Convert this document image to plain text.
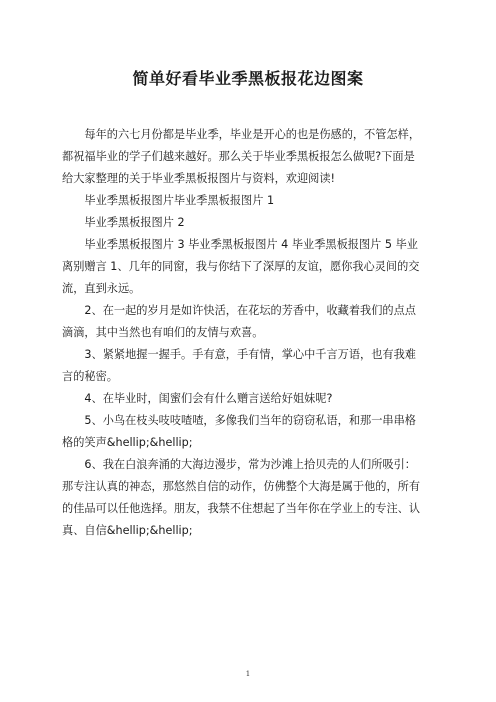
简单好看毕业季黑板报花边图案

每年的六七月份都是毕业季，毕业是开心的也是伤感的，不管怎样，都祝福毕业的学子们越来越好。那么关于毕业季黑板报怎么做呢?下面是 给大家整理的关于毕业季黑板报图片与资料，欢迎阅读!

毕业季黑板报图片毕业季黑板报图片 1

毕业季黑板报图片 2

毕业季黑板报图片 3 毕业季黑板报图片 4 毕业季黑板报图片 5 毕业离别赠言 1、几年的同窗，我与你结下了深厚的友谊，愿你我心灵间的交流，直到永远。

2、在一起的岁月是如许快活，在花坛的芳香中，收藏着我们的点点滴滴，其中当然也有咱们的友情与欢喜。

3、紧紧地握一握手。手有意，手有情，掌心中千言万语，也有我难言的秘密。

4、在毕业时，闺蜜们会有什么赠言送给好姐妹呢?

5、小鸟在枝头吱吱喳喳，多像我们当年的窃窃私语，和那一串串格格的笑声&hellip;&hellip;

6、我在白浪奔涌的大海边漫步，常为沙滩上拾贝壳的人们所吸引：那专注认真的神态，那悠然自信的动作，仿佛整个大海是属于他的，所有的佳品可以任他选择。朋友，我禁不住想起了当年你在学业上的专注、认真、自信&hellip;&hellip;

1
